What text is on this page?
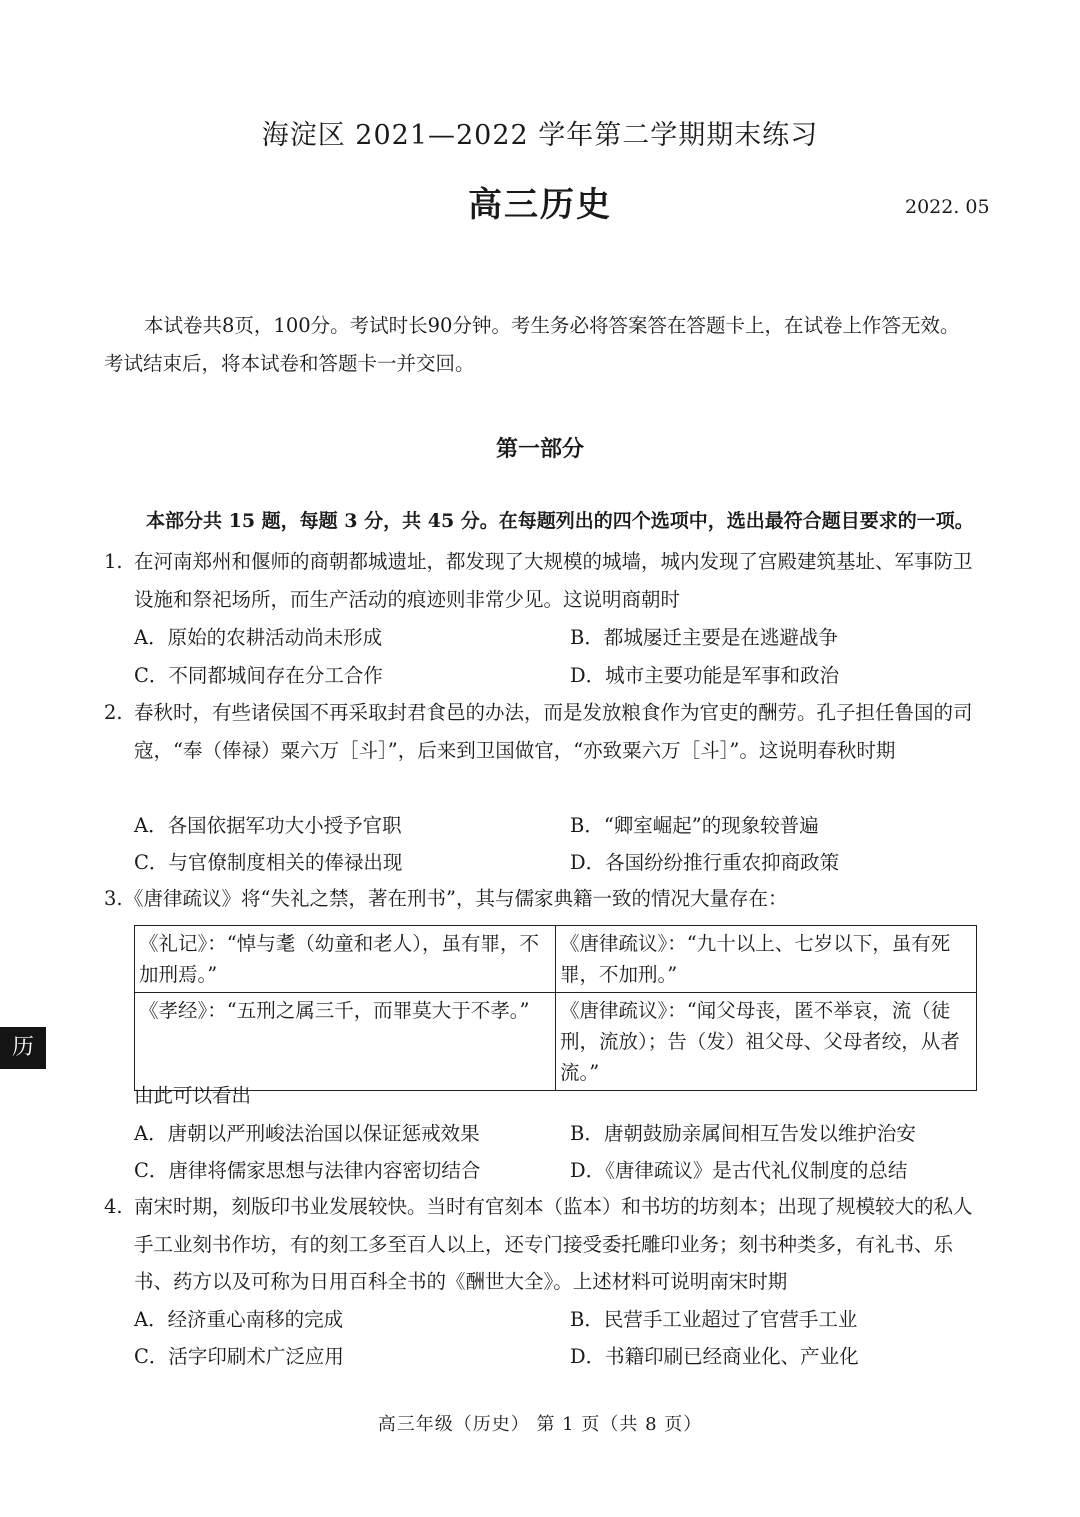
海淀区 2021—2022 学年第二学期期末练习
高三历史	2022. 05
本试卷共8页，100分。考试时长90分钟。考生务必将答案答在答题卡上，在试卷上作答无效。考试结束后，将本试卷和答题卡一并交回。
第一部分
本部分共 15 题，每题 3 分，共 45 分。在每题列出的四个选项中，选出最符合题目要求的一项。
1. 在河南郑州和偃师的商朝都城遗址，都发现了大规模的城墙，城内发现了宫殿建筑基址、军事防卫设施和祭祀场所，而生产活动的痕迹则非常少见。这说明商朝时
A．原始的农耕活动尚未形成	B．都城屡迁主要是在逃避战争
C．不同都城间存在分工合作	D．城市主要功能是军事和政治
2. 春秋时，有些诸侯国不再采取封君食邑的办法，而是发放粮食作为官吏的酬劳。孔子担任鲁国的司寇，“奉（俸禄）粟六万［斗］”，后来到卫国做官，“亦致粟六万［斗］”。这说明春秋时期
A．各国依据军功大小授予官职	B．“卿室崛起”的现象较普遍
C．与官僚制度相关的俸禄出现	D．各国纷纷推行重农抑商政策
3. 《唐律疏议》将“失礼之禁，著在刑书”，其与儒家典籍一致的情况大量存在：
《礼记》：“悼与耄（幼童和老人），虽有罪，不加刑焉。”	《唐律疏议》：“九十以上、七岁以下，虽有死罪，不加刑。”
《孝经》：“五刑之属三千，而罪莫大于不孝。”	《唐律疏议》：“闻父母丧，匿不举哀，流（徒刑，流放）；告（发）祖父母、父母者绞，从者流。”
由此可以看出
A．唐朝以严刑峻法治国以保证惩戒效果	B．唐朝鼓励亲属间相互告发以维护治安
C．唐律将儒家思想与法律内容密切结合	D．《唐律疏议》是古代礼仪制度的总结
4. 南宋时期，刻版印书业发展较快。当时有官刻本（监本）和书坊的坊刻本；出现了规模较大的私人手工业刻书作坊，有的刻工多至百人以上，还专门接受委托雕印业务；刻书种类多，有礼书、乐书、药方以及可称为日用百科全书的《酬世大全》。上述材料可说明南宋时期
A．经济重心南移的完成	B．民营手工业超过了官营手工业
C．活字印刷术广泛应用	D．书籍印刷已经商业化、产业化
历
高三年级（历史） 第 1 页（共 8 页）
